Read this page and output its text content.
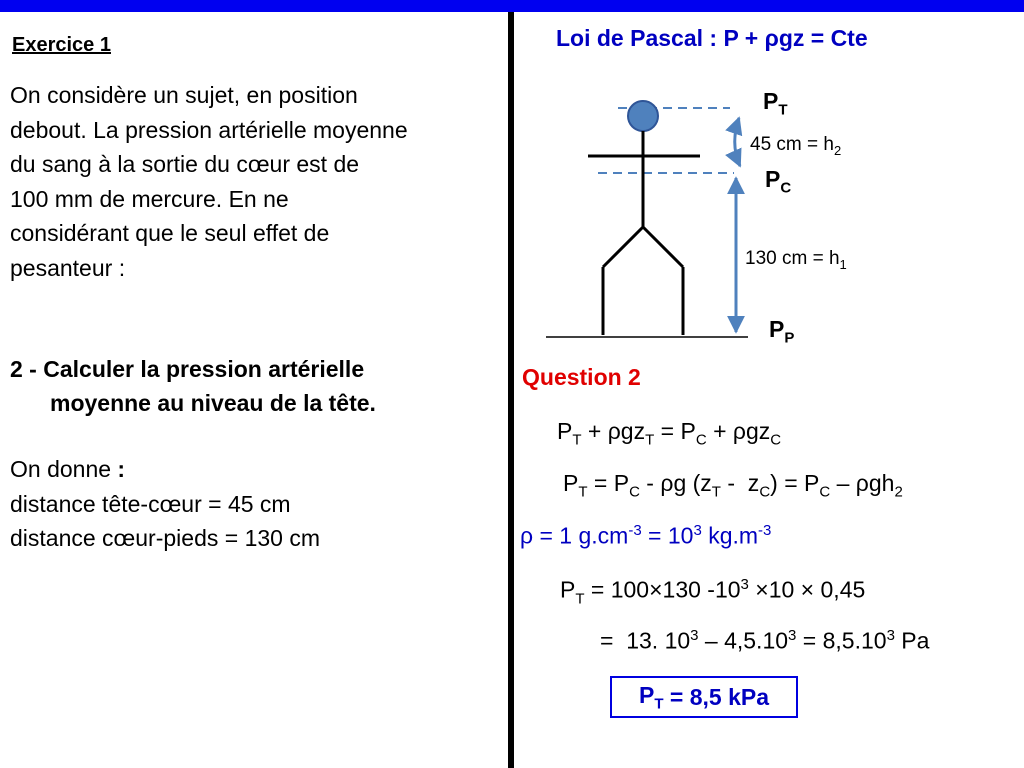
Exercice 1
On considère un sujet, en position
debout. La pression artérielle moyenne
du sang à la sortie du cœur est de
100 mm de mercure. En ne
considérant que le seul effet de
pesanteur :
2 - Calculer la pression artérielle
moyenne au niveau de la tête.
On donne :
distance tête-cœur = 45 cm
distance cœur-pieds = 130 cm
Loi de Pascal : P + ρgz = Cte
$P_T$
45 cm = $h_2$
$P_C$
130 cm = $h_1$
$P_P$
Question 2
$P_T + \rho gz_T = P_C + \rho gz_C$
$P_T = P_C - \rho g$ $(z_T - z_C) = P_C - \rho gh_2$
ρ = 1 $g.cm^{-3} = 10^3$ $kg.m^{-3}$
$P_T = 100\times 130$ $-10^3 \times 10 \times 0,45$
=  13. $10^3 - 4,5.10^3 = 8,5.10^3$ Pa
$P_T = 8,5$ kPa
